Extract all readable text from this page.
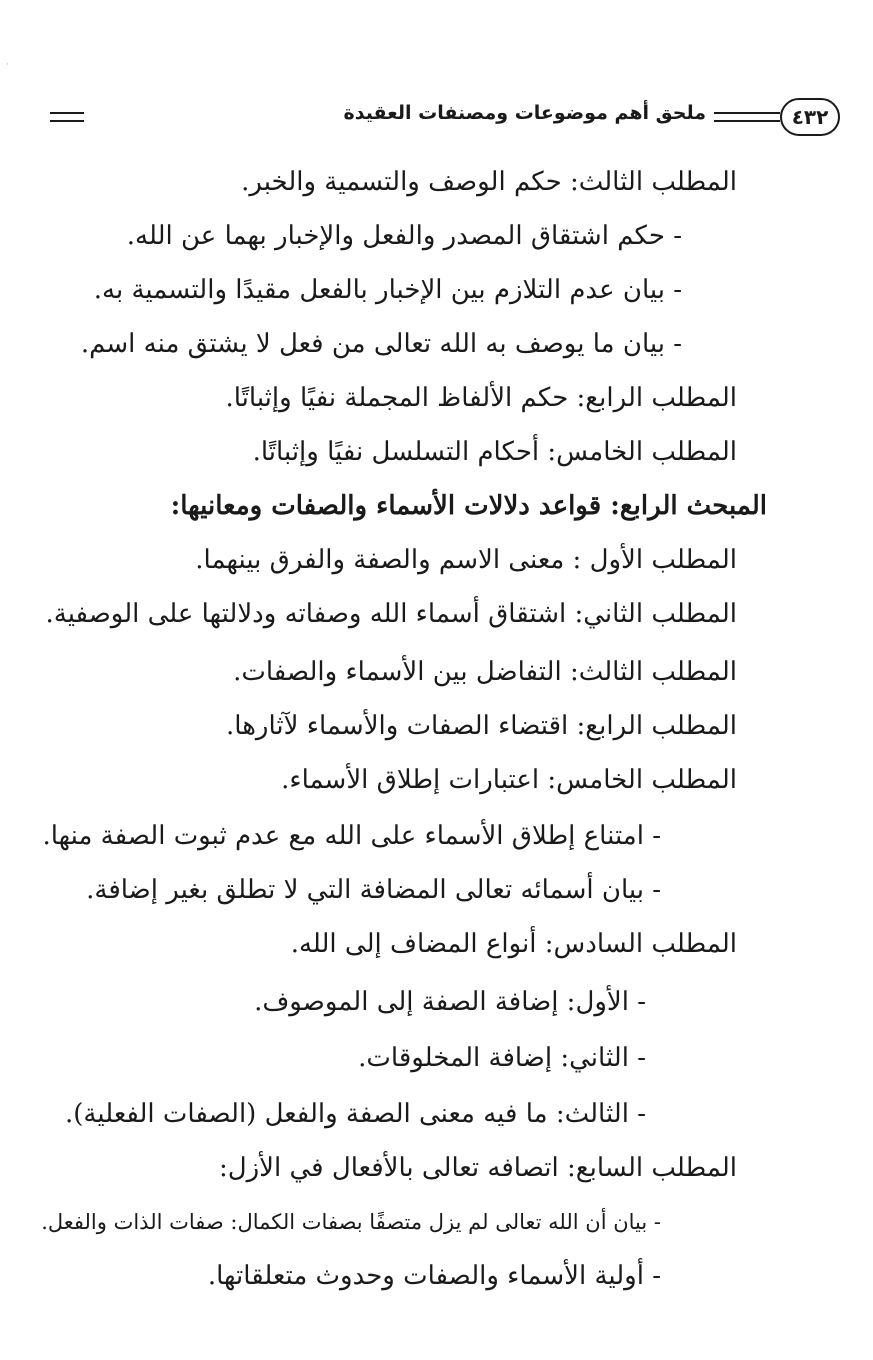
·
٤٣٢
ملحق أهم موضوعات ومصنفات العقيدة
المطلب الثالث: حكم الوصف والتسمية والخبر.
- حكم اشتقاق المصدر والفعل والإخبار بهما عن الله.
- بيان عدم التلازم بين الإخبار بالفعل مقيدًا والتسمية به.
- بيان ما يوصف به الله تعالى من فعل لا يشتق منه اسم.
المطلب الرابع: حكم الألفاظ المجملة نفيًا وإثباتًا.
المطلب الخامس: أحكام التسلسل نفيًا وإثباتًا.
المبحث الرابع: قواعد دلالات الأسماء والصفات ومعانيها:
المطلب الأول : معنى الاسم والصفة والفرق بينهما.
المطلب الثاني: اشتقاق أسماء الله وصفاته ودلالتها على الوصفية.
المطلب الثالث: التفاضل بين الأسماء والصفات.
المطلب الرابع: اقتضاء الصفات والأسماء لآثارها.
المطلب الخامس: اعتبارات إطلاق الأسماء.
- امتناع إطلاق الأسماء على الله مع عدم ثبوت الصفة منها.
- بيان أسمائه تعالى المضافة التي لا تطلق بغير إضافة.
المطلب السادس: أنواع المضاف إلى الله.
- الأول: إضافة الصفة إلى الموصوف.
- الثاني: إضافة المخلوقات.
- الثالث: ما فيه معنى الصفة والفعل (الصفات الفعلية).
المطلب السابع: اتصافه تعالى بالأفعال في الأزل:
- بيان أن الله تعالى لم يزل متصفًا بصفات الكمال: صفات الذات والفعل.
- أولية الأسماء والصفات وحدوث متعلقاتها.
